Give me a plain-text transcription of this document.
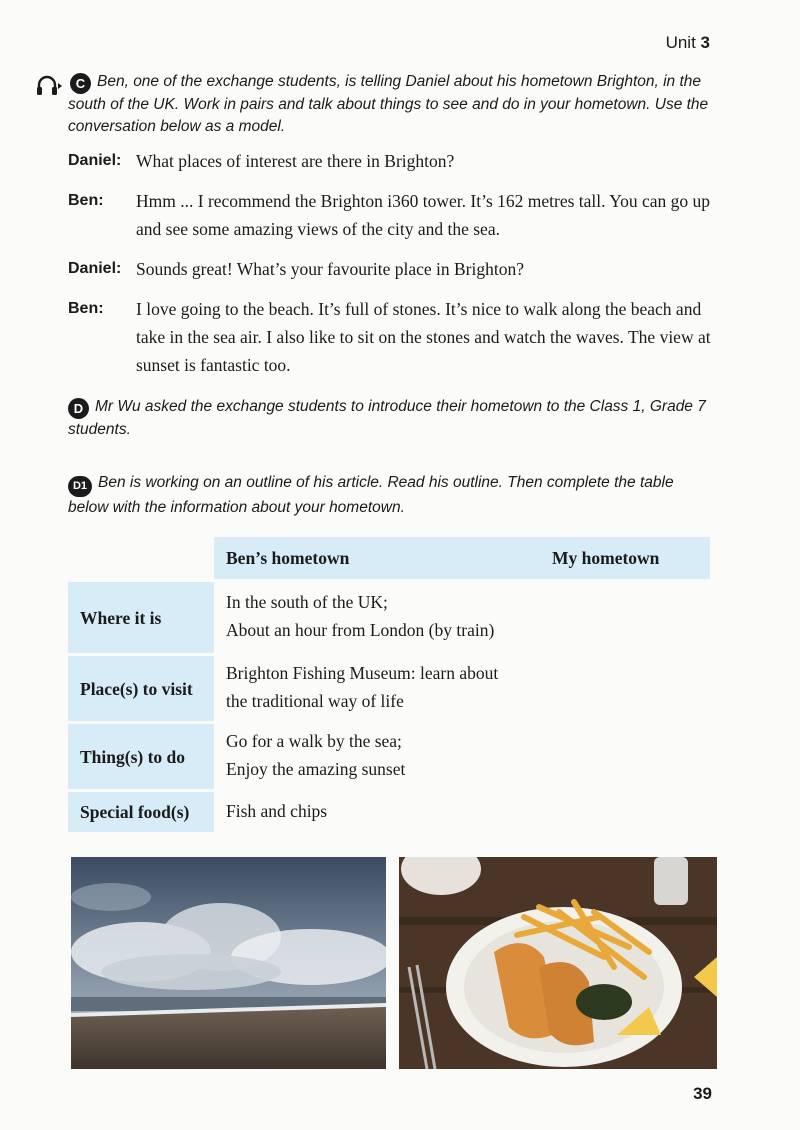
Unit 3
C Ben, one of the exchange students, is telling Daniel about his hometown Brighton, in the south of the UK. Work in pairs and talk about things to see and do in your hometown. Use the conversation below as a model.
Daniel: What places of interest are there in Brighton?
Ben:	Hmm ... I recommend the Brighton i360 tower. It’s 162 metres tall. You can go up and see some amazing views of the city and the sea.
Daniel: Sounds great! What’s your favourite place in Brighton?
Ben:	I love going to the beach. It’s full of stones. It’s nice to walk along the beach and take in the sea air. I also like to sit on the stones and watch the waves. The view at sunset is fantastic too.
D Mr Wu asked the exchange students to introduce their hometown to the Class 1, Grade 7 students.
D1 Ben is working on an outline of his article. Read his outline. Then complete the table below with the information about your hometown.
	Ben’s hometown	My hometown
Where it is	In the south of the UK;
About an hour from London (by train)	

Place(s) to visit	Brighton Fishing Museum: learn about
the traditional way of life	

Thing(s) to do	Go for a walk by the sea;
Enjoy the amazing sunset	

Special food(s)	Fish and chips	

39
